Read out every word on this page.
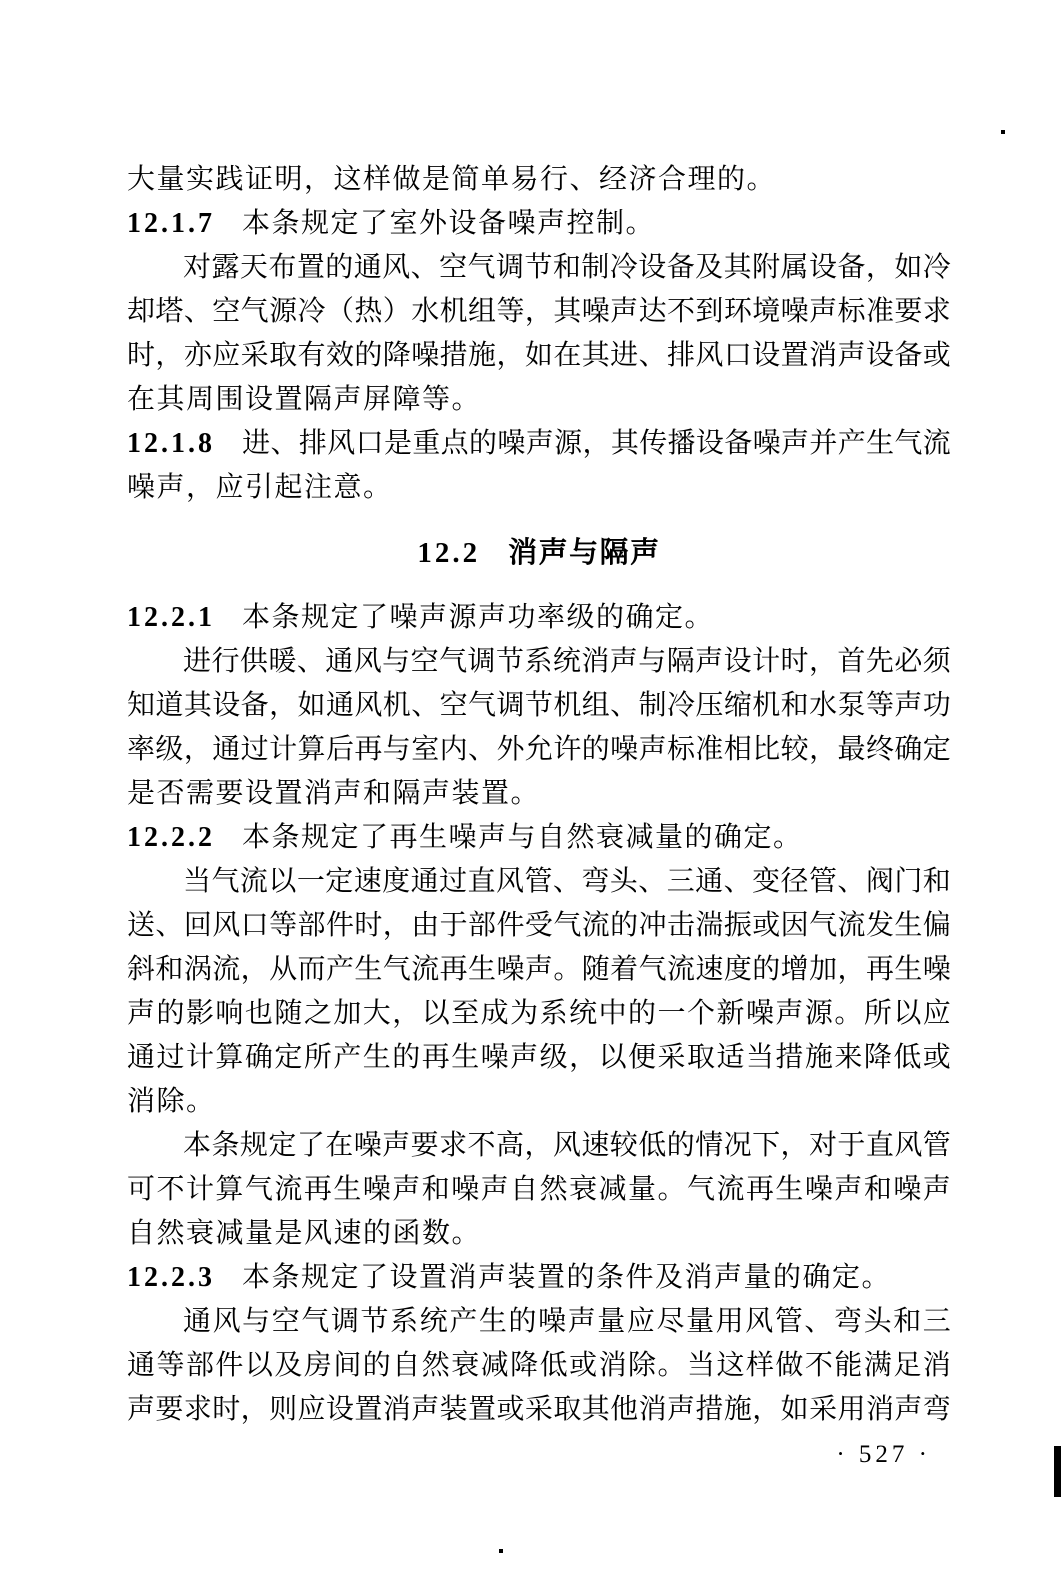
大量实践证明，这样做是简单易行、经济合理的。
12.1.7 本条规定了室外设备噪声控制。
对露天布置的通风、空气调节和制冷设备及其附属设备，如冷
却塔、空气源冷（热）水机组等，其噪声达不到环境噪声标准要求
时，亦应采取有效的降噪措施，如在其进、排风口设置消声设备或
在其周围设置隔声屏障等。
12.1.8 进、排风口是重点的噪声源，其传播设备噪声并产生气流
噪声，应引起注意。
12.2 消声与隔声
12.2.1 本条规定了噪声源声功率级的确定。
进行供暖、通风与空气调节系统消声与隔声设计时，首先必须
知道其设备，如通风机、空气调节机组、制冷压缩机和水泵等声功
率级，通过计算后再与室内、外允许的噪声标准相比较，最终确定
是否需要设置消声和隔声装置。
12.2.2 本条规定了再生噪声与自然衰减量的确定。
当气流以一定速度通过直风管、弯头、三通、变径管、阀门和
送、回风口等部件时，由于部件受气流的冲击湍振或因气流发生偏
斜和涡流，从而产生气流再生噪声。随着气流速度的增加，再生噪
声的影响也随之加大，以至成为系统中的一个新噪声源。所以应
通过计算确定所产生的再生噪声级，以便采取适当措施来降低或
消除。
本条规定了在噪声要求不高，风速较低的情况下，对于直风管
可不计算气流再生噪声和噪声自然衰减量。气流再生噪声和噪声
自然衰减量是风速的函数。
12.2.3 本条规定了设置消声装置的条件及消声量的确定。
通风与空气调节系统产生的噪声量应尽量用风管、弯头和三
通等部件以及房间的自然衰减降低或消除。当这样做不能满足消
声要求时，则应设置消声装置或采取其他消声措施，如采用消声弯
· 527 ·
